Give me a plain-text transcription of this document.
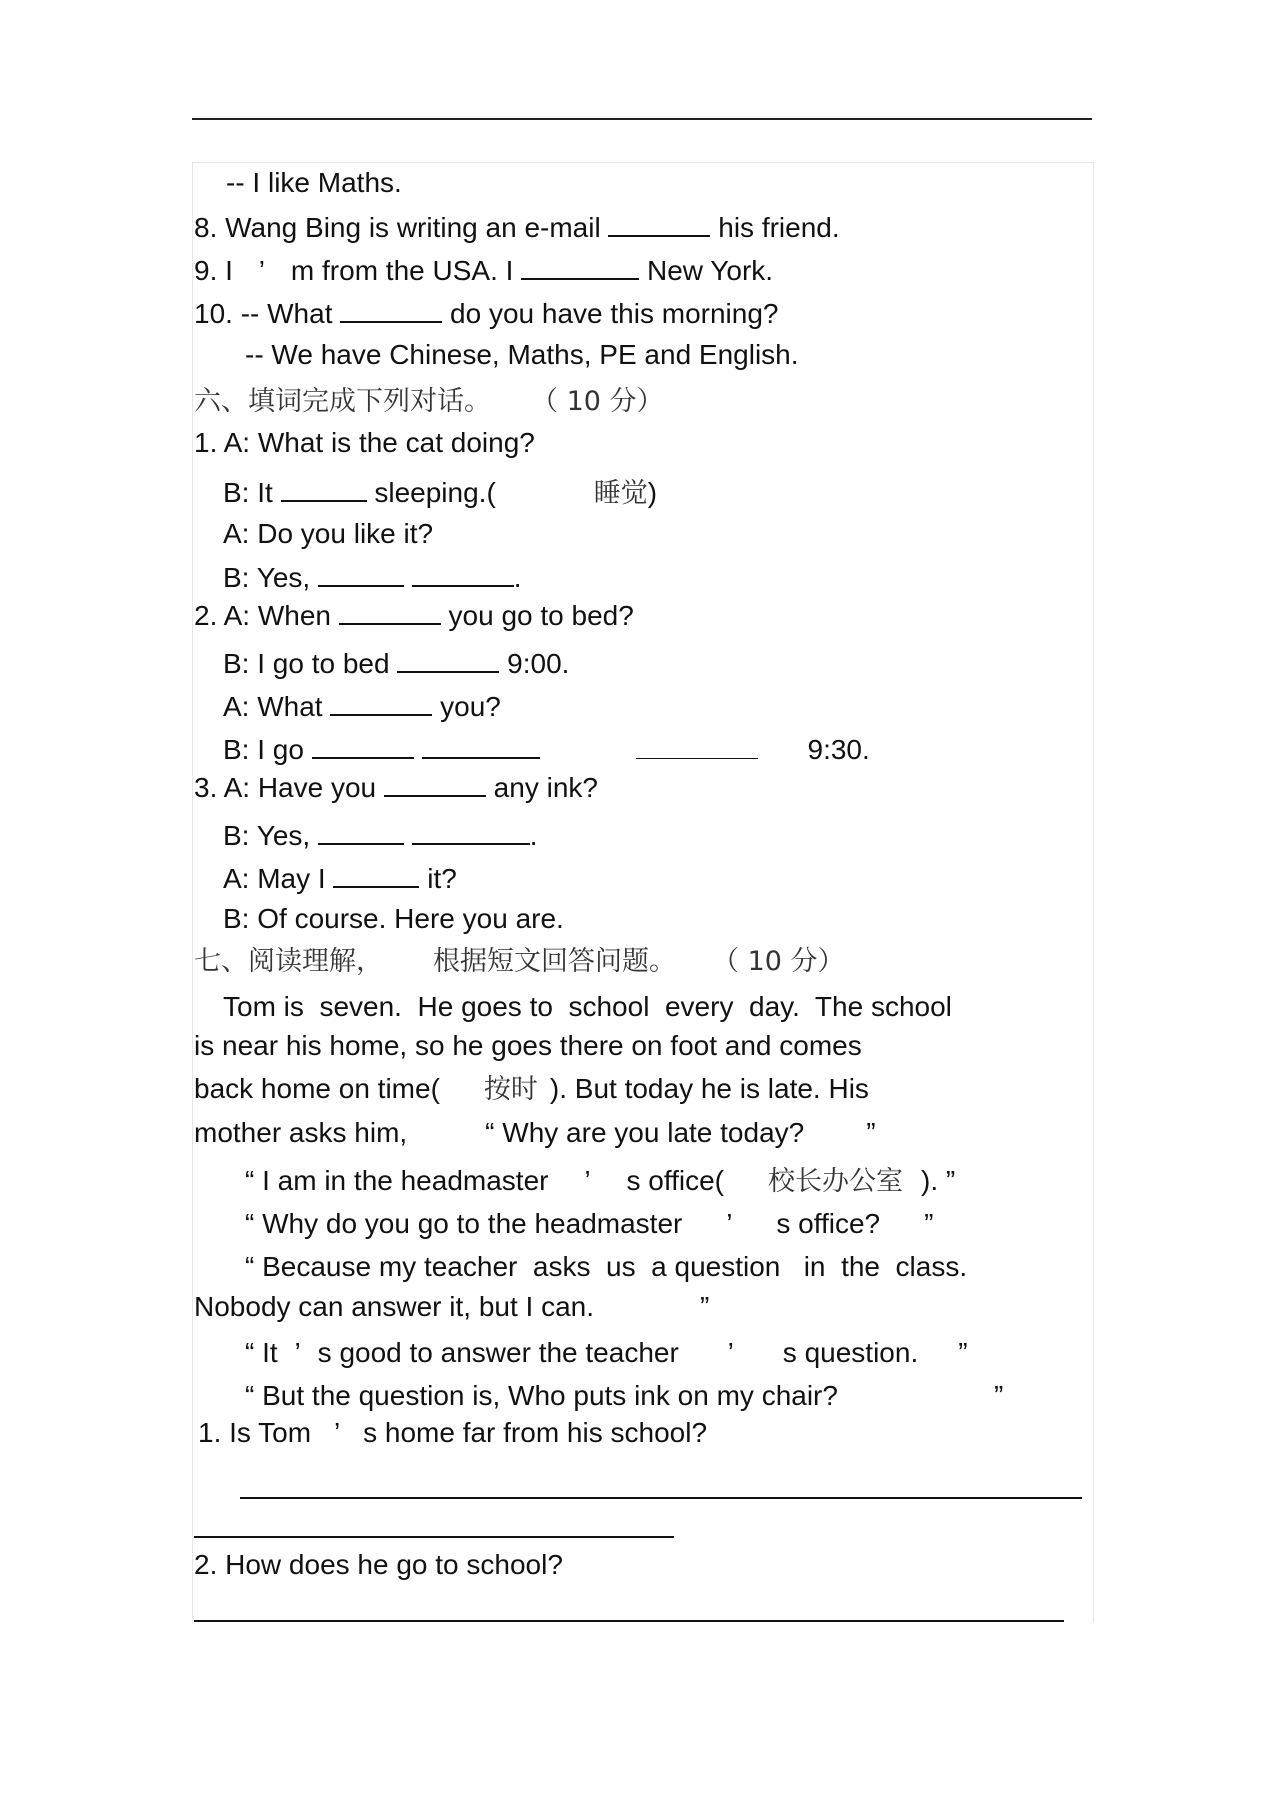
-- I like Maths.
8. Wang Bing is writing an e-mail	his friend.
9. I ’ m from the USA. I	New York.
10. -- What	do you have this morning?
-- We have Chinese, Maths, PE and English.
六、填词完成下列对话。 （ 10 分）
1. A: What is the cat doing?
B: It	sleeping.(	睡觉)
A: Do you like it?
B: Yes,	.
2. A: When	you go to bed?
B: I go to bed	9:00.
A: What	you?
B: I go	9:30.
3. A: Have you	any ink?
B: Yes,	.
A: May I	it?
B: Of course. Here you are.
七、阅读理解， 根据短文回答问题。 （ 10 分）
Tom is  seven.  He goes to  school  every  day.  The school
is near his home, so he goes there on foot and comes
back home on time( 按时 ). But today he is late. His
mother asks him,	“ Why are you late today? ”
“ I am in the headmaster ’ s office( 校长办公室 ). ”
“ Why do you go to the headmaster ’ s office? ”
“ Because my teacher  asks  us  a question   in  the  class.
Nobody can answer it, but I can.	”
“ It ’ s good to answer the teacher ’ s question. ”
“ But the question is, Who puts ink on my chair?	”
1. Is Tom ’ s home far from his school?
2. How does he go to school?
